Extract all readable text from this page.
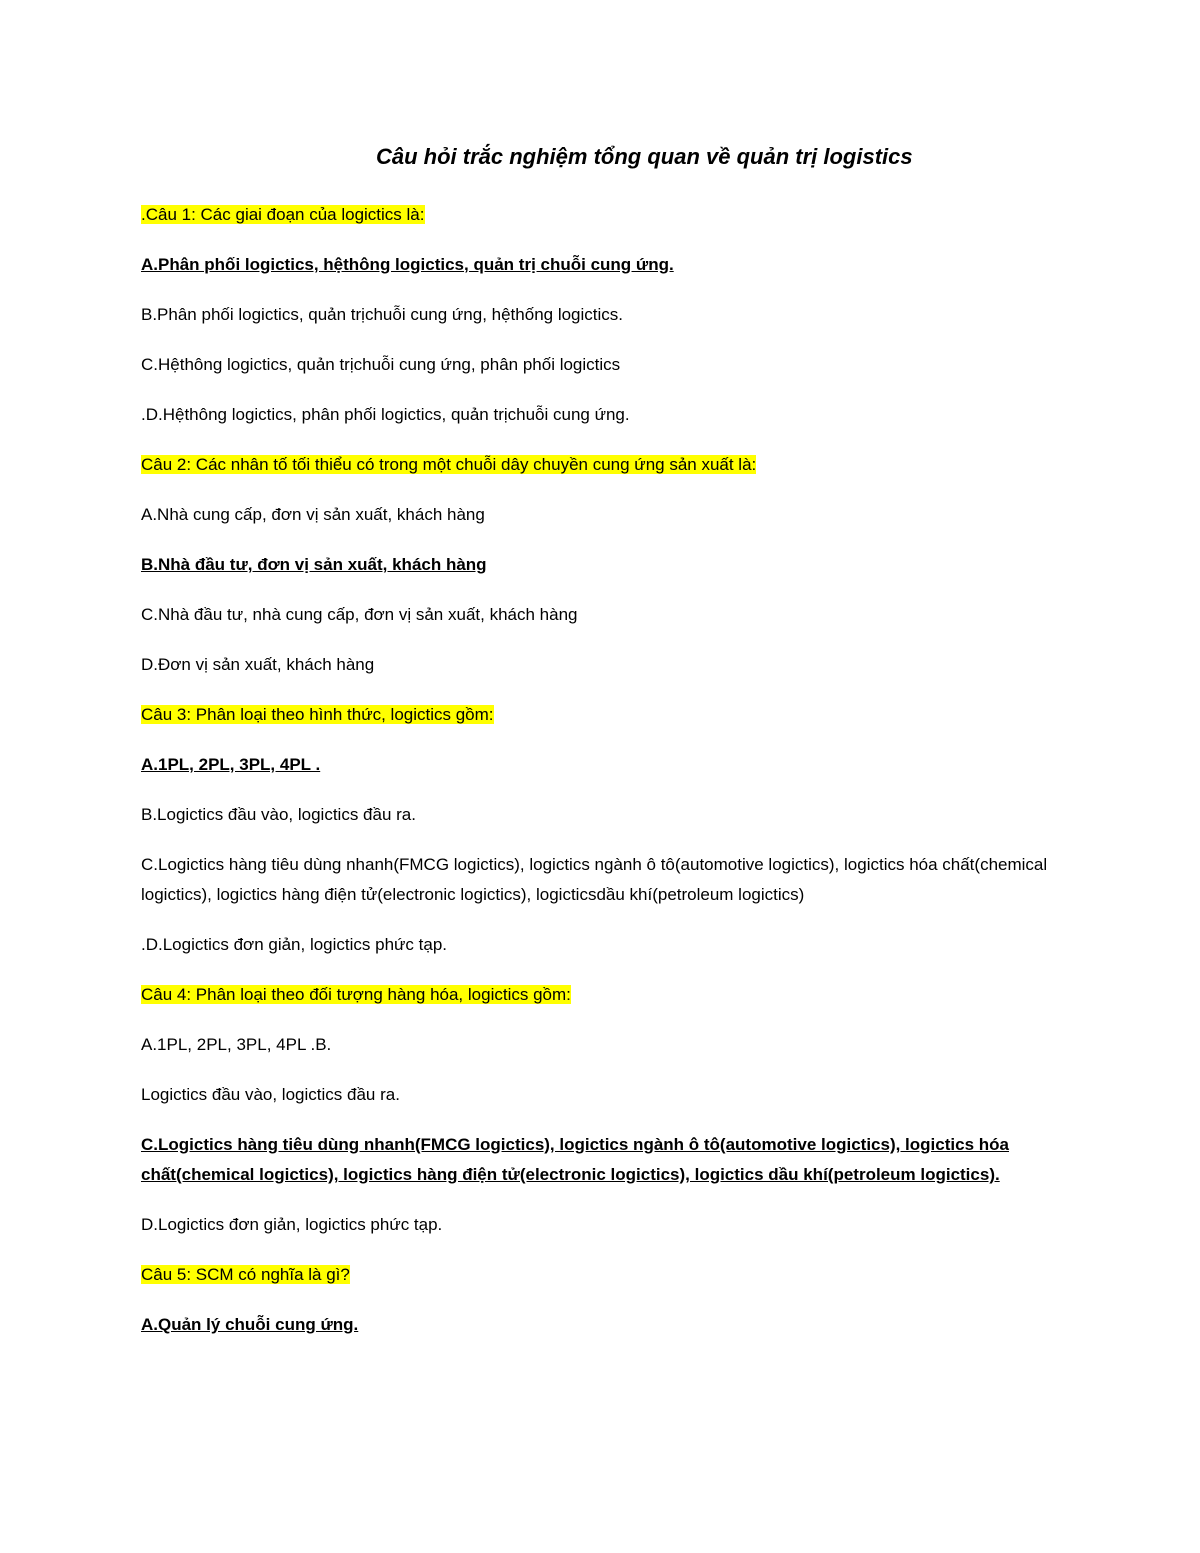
Câu hỏi trắc nghiệm tổng quan về quản trị logistics
.Câu 1: Các giai đoạn của logictics là:
A.Phân phối logictics, hệthông logictics, quản trị chuỗi cung ứng.
B.Phân phối logictics, quản trịchuỗi cung ứng, hệthống logictics.
C.Hệthông logictics, quản trịchuỗi cung ứng, phân phối logictics
.D.Hệthông logictics, phân phối logictics, quản trịchuỗi cung ứng.
Câu 2: Các nhân tố tối thiểu có trong một chuỗi dây chuyền cung ứng sản xuất là:
A.Nhà cung cấp, đơn vị sản xuất, khách hàng
B.Nhà đầu tư, đơn vị sản xuất, khách hàng
C.Nhà đầu tư, nhà cung cấp, đơn vị sản xuất, khách hàng
D.Đơn vị sản xuất, khách hàng
Câu 3: Phân loại theo hình thức, logictics gồm:
A.1PL, 2PL, 3PL, 4PL .
B.Logictics đầu vào, logictics đầu ra.
C.Logictics hàng tiêu dùng nhanh(FMCG logictics), logictics ngành ô tô(automotive logictics), logictics hóa chất(chemical logictics), logictics hàng điện tử(electronic logictics), logicticsdầu khí(petroleum logictics)
.D.Logictics đơn giản, logictics phức tạp.
Câu 4: Phân loại theo đối tượng hàng hóa, logictics gồm:
A.1PL, 2PL, 3PL, 4PL .B.
Logictics đầu vào, logictics đầu ra.
C.Logictics hàng tiêu dùng nhanh(FMCG logictics), logictics ngành ô tô(automotive logictics), logictics hóa chất(chemical logictics), logictics hàng điện tử(electronic logictics), logictics dầu khí(petroleum logictics).
D.Logictics đơn giản, logictics phức tạp.
Câu 5: SCM có nghĩa là gì?
A.Quản lý chuỗi cung ứng.
